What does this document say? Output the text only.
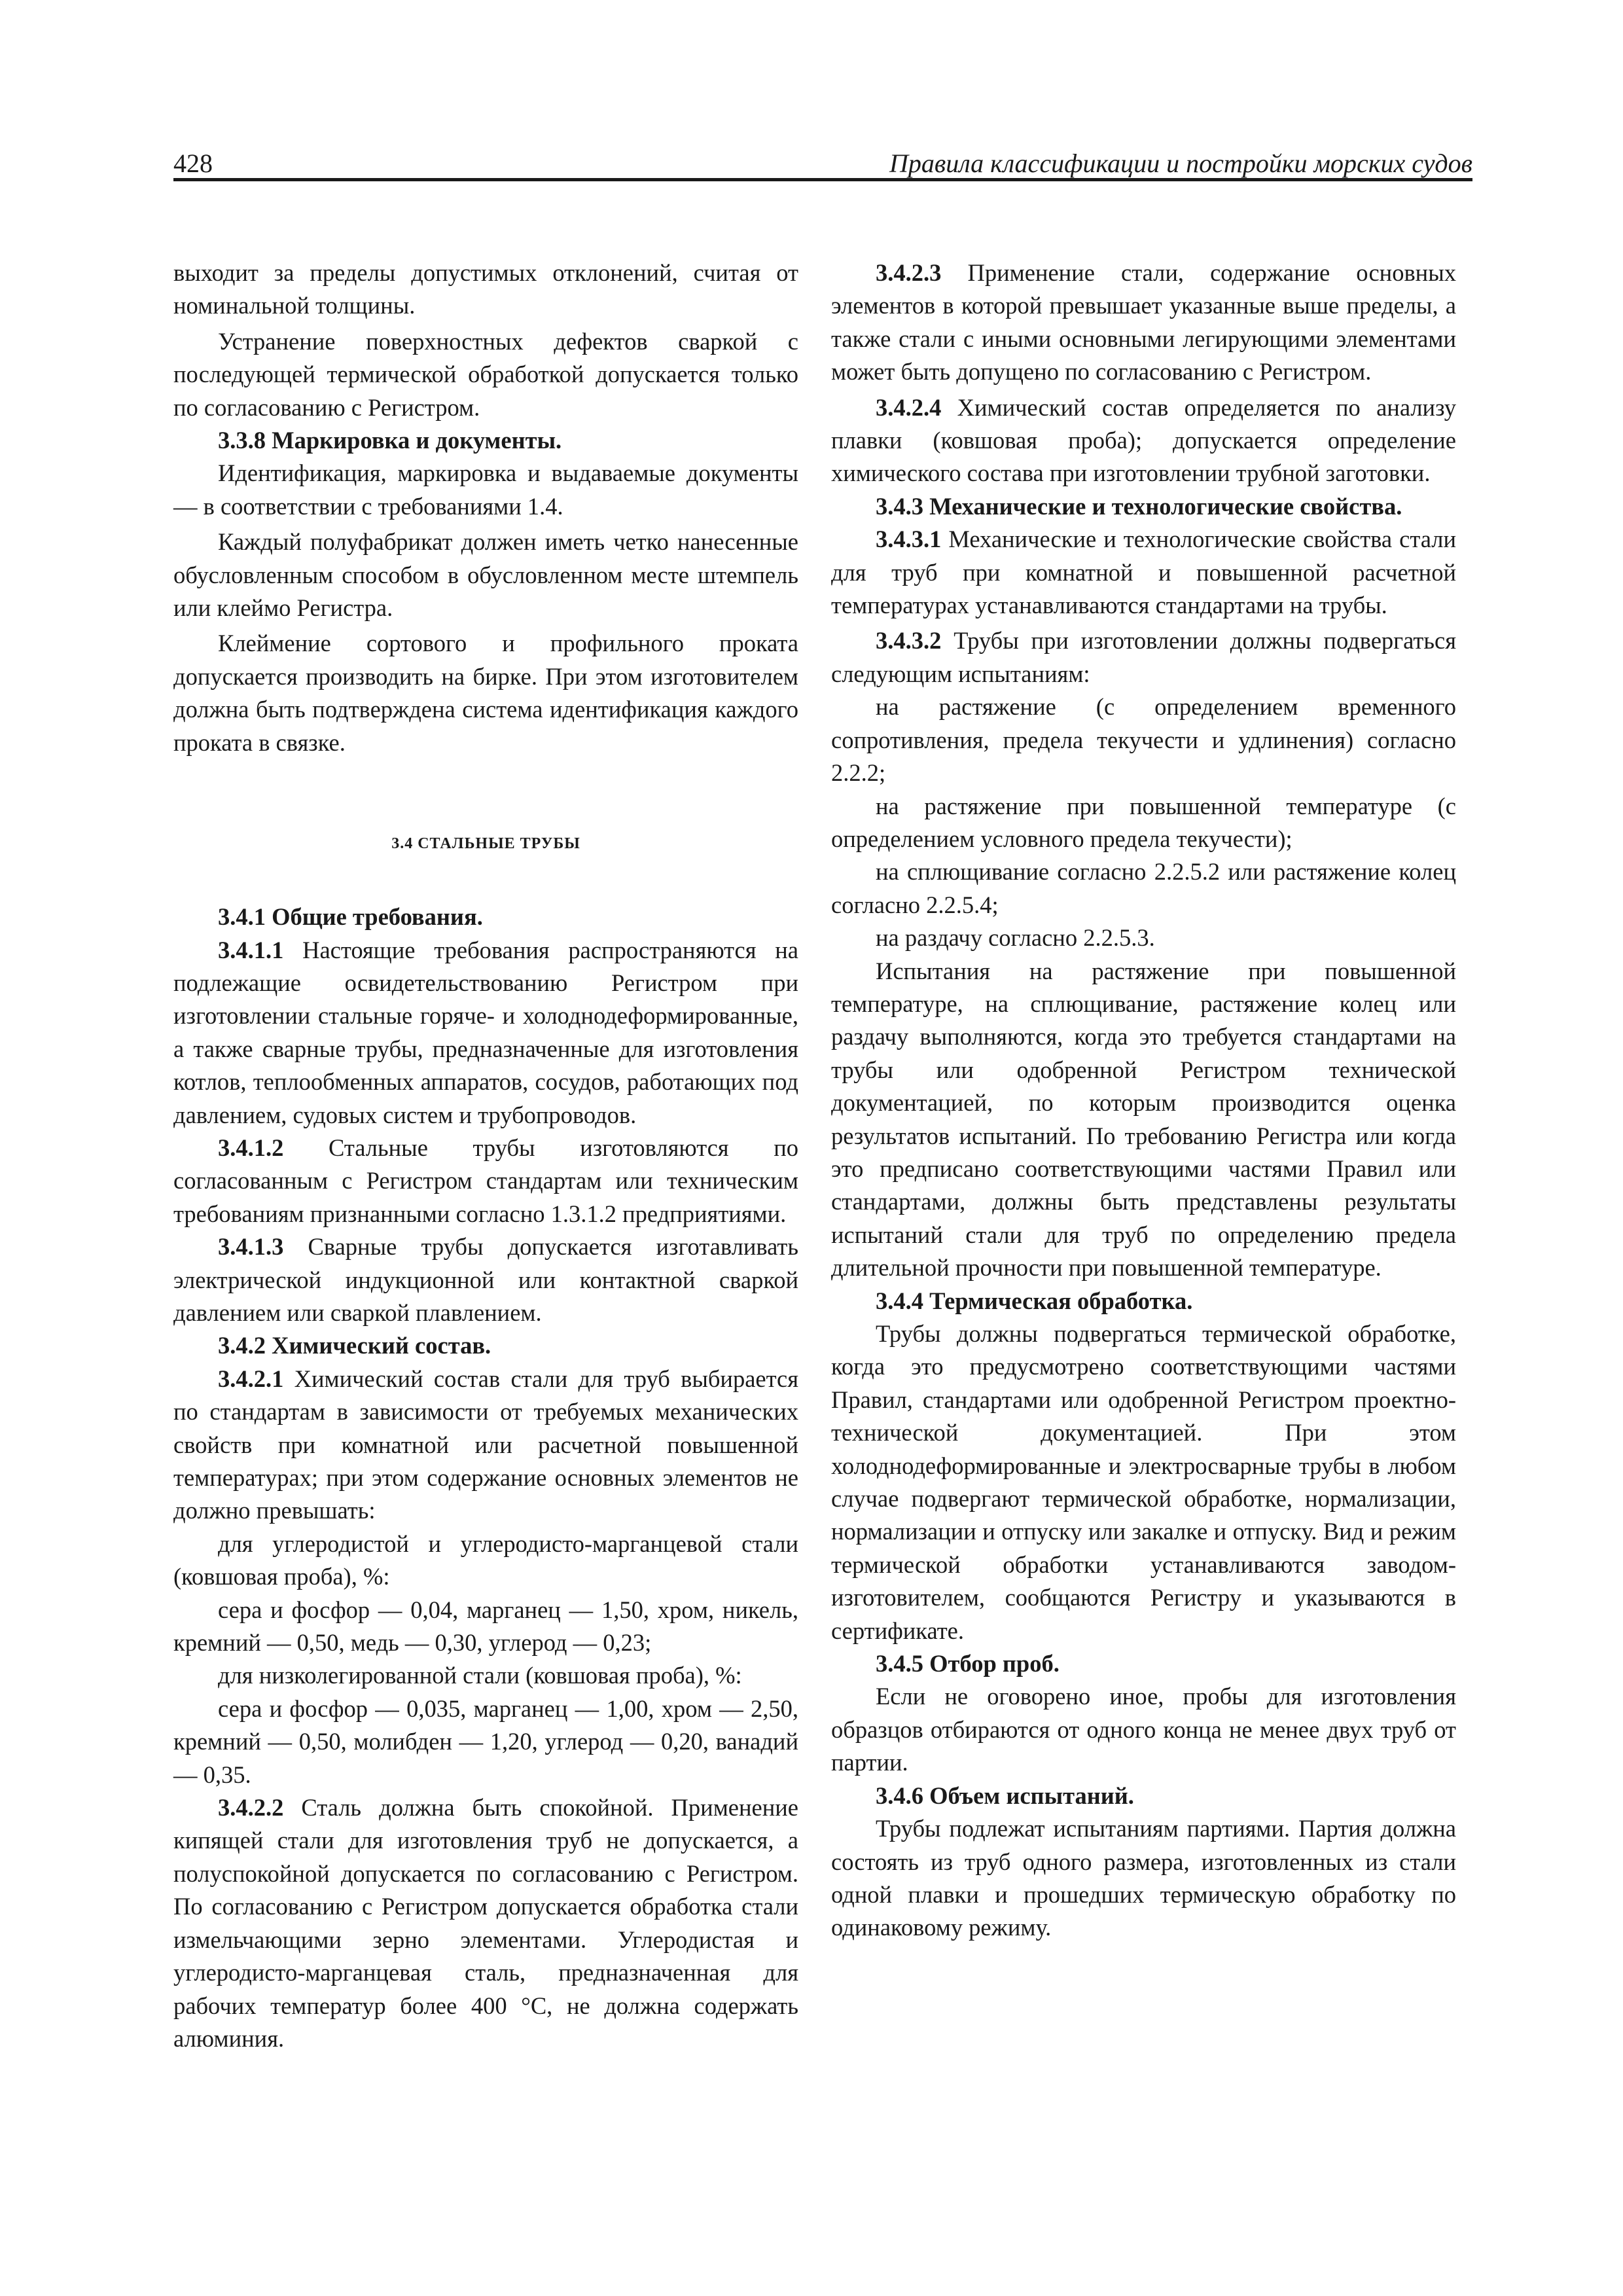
428	Правила классификации и постройки морских судов

выходит за пределы допустимых отклонений, считая от номинальной толщины.

Устранение поверхностных дефектов сваркой с последующей термической обработкой допускается только по согласованию с Регистром.

3.3.8 Маркировка и документы.

Идентификация, маркировка и выдаваемые документы — в соответствии с требованиями 1.4.

Каждый полуфабрикат должен иметь четко нанесенные обусловленным способом в обусловленном месте штемпель или клеймо Регистра.

Клеймение сортового и профильного проката допускается производить на бирке. При этом изготовителем должна быть подтверждена система идентификация каждого проката в связке.

3.4 СТАЛЬНЫЕ ТРУБЫ
3.4.1 Общие требования.

3.4.1.1 Настоящие требования распространяются на подлежащие освидетельствованию Регистром при изготовлении стальные горяче- и холоднодеформированные, а также сварные трубы, предназначенные для изготовления котлов, теплообменных аппаратов, сосудов, работающих под давлением, судовых систем и трубопроводов.

3.4.1.2 Стальные трубы изготовляются по согласованным с Регистром стандартам или техническим требованиям признанными согласно 1.3.1.2 предприятиями.

3.4.1.3 Сварные трубы допускается изготавливать электрической индукционной или контактной сваркой давлением или сваркой плавлением.

3.4.2 Химический состав.

3.4.2.1 Химический состав стали для труб выбирается по стандартам в зависимости от требуемых механических свойств при комнатной или расчетной повышенной температурах; при этом содержание основных элементов не должно превышать:

для углеродистой и углеродисто-марганцевой стали (ковшовая проба), %:

сера и фосфор — 0,04, марганец — 1,50, хром, никель, кремний — 0,50, медь — 0,30, углерод — 0,23;

для низколегированной стали (ковшовая проба), %:

сера и фосфор — 0,035, марганец — 1,00, хром — 2,50, кремний — 0,50, молибден — 1,20, углерод — 0,20, ванадий — 0,35.

3.4.2.2 Сталь должна быть спокойной. Применение кипящей стали для изготовления труб не допускается, а полуспокойной допускается по согласованию с Регистром. По согласованию с Регистром допускается обработка стали измельчающими зерно элементами. Углеродистая и углеродисто-марганцевая сталь, предназначенная для рабочих температур более 400 °C, не должна содержать алюминия.

3.4.2.3 Применение стали, содержание основных элементов в которой превышает указанные выше пределы, а также стали с иными основными легирующими элементами может быть допущено по согласованию с Регистром.

3.4.2.4 Химический состав определяется по анализу плавки (ковшовая проба); допускается определение химического состава при изготовлении трубной заготовки.

3.4.3 Механические и технологические свойства.

3.4.3.1 Механические и технологические свойства стали для труб при комнатной и повышенной расчетной температурах устанавливаются стандартами на трубы.

3.4.3.2 Трубы при изготовлении должны подвергаться следующим испытаниям:

на растяжение (с определением временного сопротивления, предела текучести и удлинения) согласно 2.2.2;

на растяжение при повышенной температуре (с определением условного предела текучести);

на сплющивание согласно 2.2.5.2 или растяжение колец согласно 2.2.5.4;

на раздачу согласно 2.2.5.3.

Испытания на растяжение при повышенной температуре, на сплющивание, растяжение колец или раздачу выполняются, когда это требуется стандартами на трубы или одобренной Регистром технической документацией, по которым производится оценка результатов испытаний. По требованию Регистра или когда это предписано соответствующими частями Правил или стандартами, должны быть представлены результаты испытаний стали для труб по определению предела длительной прочности при повышенной температуре.

3.4.4 Термическая обработка.

Трубы должны подвергаться термической обработке, когда это предусмотрено соответствующими частями Правил, стандартами или одобренной Регистром проектно-технической документацией. При этом холоднодеформированные и электросварные трубы в любом случае подвергают термической обработке, нормализации, нормализации и отпуску или закалке и отпуску. Вид и режим термической обработки устанавливаются заводом-изготовителем, сообщаются Регистру и указываются в сертификате.

3.4.5 Отбор проб.

Если не оговорено иное, пробы для изготовления образцов отбираются от одного конца не менее двух труб от партии.

3.4.6 Объем испытаний.

Трубы подлежат испытаниям партиями. Партия должна состоять из труб одного размера, изготовленных из стали одной плавки и прошедших термическую обработку по одинаковому режиму.
